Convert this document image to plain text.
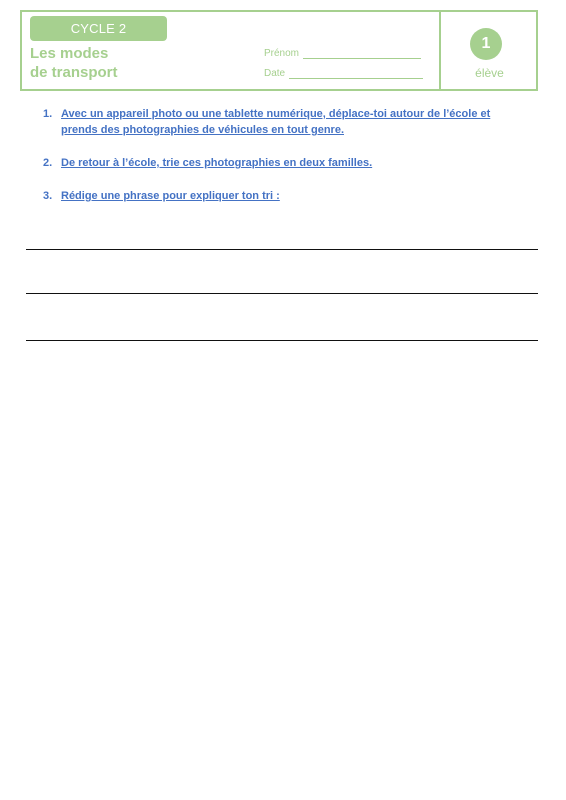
CYCLE 2
Les modes
de transport
Prénom
Date
1
élève
1. Avec un appareil photo ou une tablette numérique, déplace-toi autour de l’école et prends des photographies de véhicules en tout genre.
2. De retour à l’école, trie ces photographies en deux familles.
3. Rédige une phrase pour expliquer ton tri :
